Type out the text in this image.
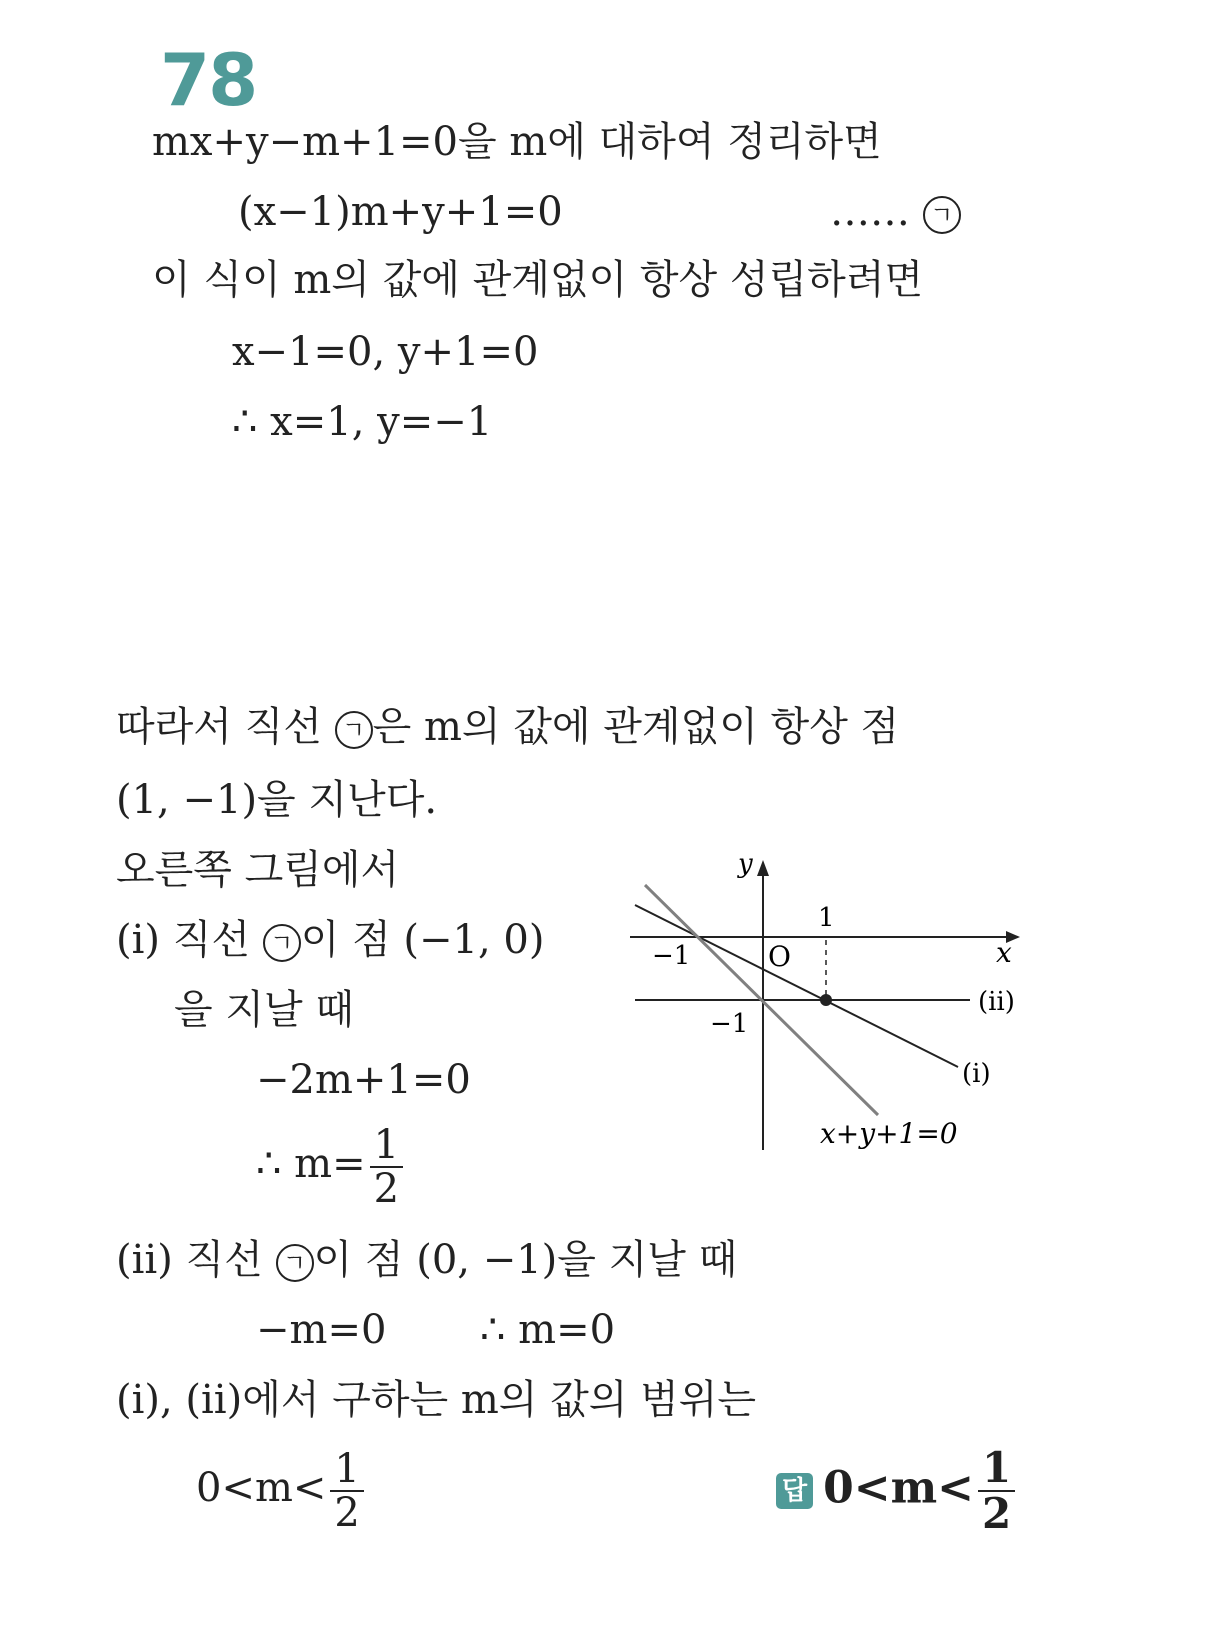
78
mx+y−m+1=0을 m에 대하여 정리하면
(x−1)m+y+1=0	…… ㄱ
이 식이 m의 값에 관계없이 항상 성립하려면
x−1=0, y+1=0
∴ x=1, y=−1
따라서 직선 ㄱ 은 m의 값에 관계없이 항상 점
(1, −1)을 지난다.
오른쪽 그림에서
(ⅰ) 직선 ㄱ 이 점 (−1, 0)
을 지날 때
−2m+1=0
∴ $m= \frac{1}{2}$
(ⅱ) 직선 ㄱ 이 점 (0, −1)을 지날 때
−m=0 ∴ m=0
(ⅰ), (ⅱ)에서 구하는 m의 값의 범위는
$0<m< \frac{1}{2}$	답 $0<m< \frac{1}{2}$
y
x
O
1
−1
−1
(ⅱ)
(ⅰ)
x+y+1=0
